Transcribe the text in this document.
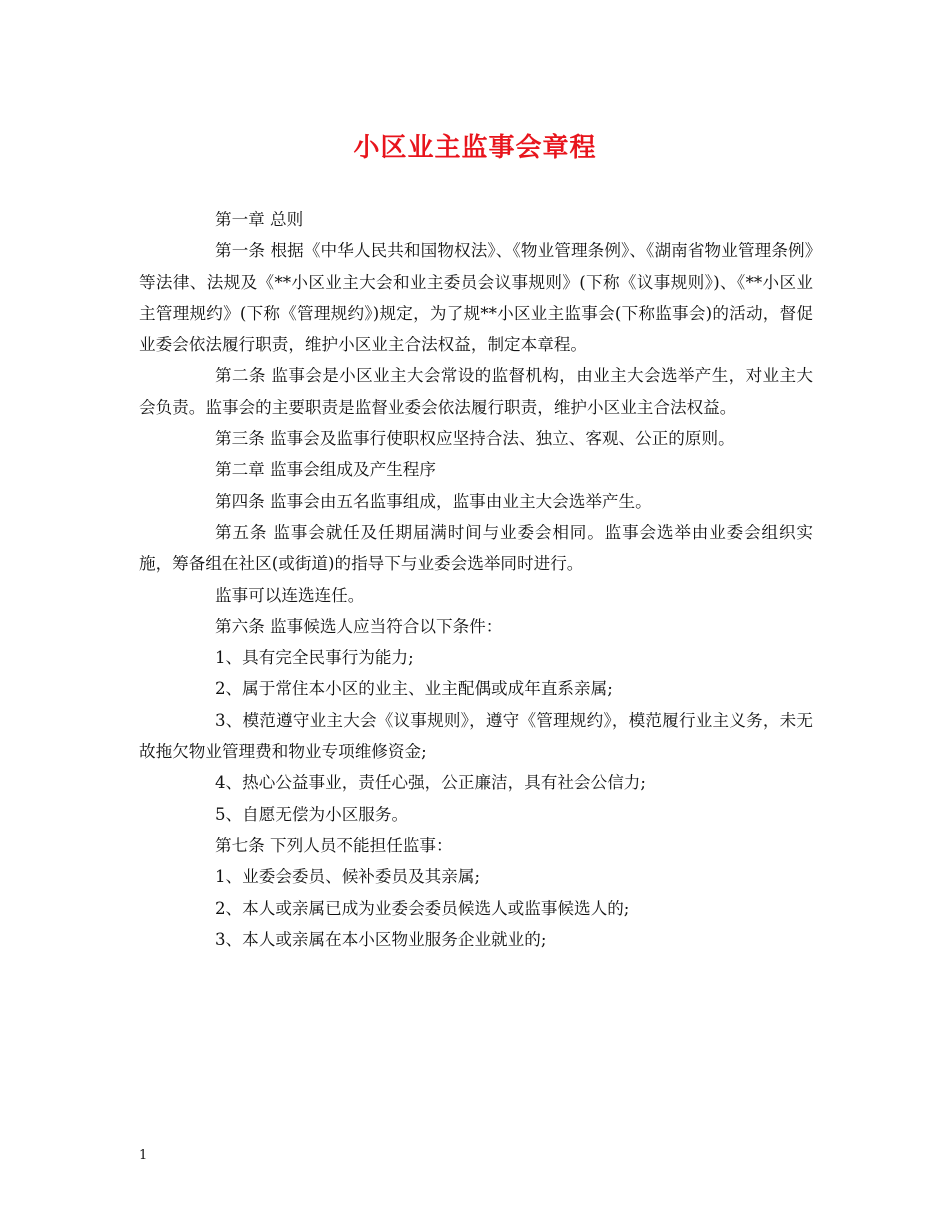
小区业主监事会章程

第一章 总则

第一条 根据《中华人民共和国物权法》、《物业管理条例》、《湖南省物业管理条例》等法律、法规及《**小区业主大会和业主委员会议事规则》(下称《议事规则》)、《**小区业主管理规约》(下称《管理规约》)规定，为了规**小区业主监事会(下称监事会)的活动，督促业委会依法履行职责，维护小区业主合法权益，制定本章程。

第二条 监事会是小区业主大会常设的监督机构，由业主大会选举产生，对业主大会负责。监事会的主要职责是监督业委会依法履行职责，维护小区业主合法权益。

第三条 监事会及监事行使职权应坚持合法、独立、客观、公正的原则。

第二章 监事会组成及产生程序

第四条 监事会由五名监事组成，监事由业主大会选举产生。

第五条 监事会就任及任期届满时间与业委会相同。监事会选举由业委会组织实施，筹备组在社区(或街道)的指导下与业委会选举同时进行。

监事可以连选连任。

第六条 监事候选人应当符合以下条件：

1、具有完全民事行为能力;

2、属于常住本小区的业主、业主配偶或成年直系亲属;

3、模范遵守业主大会《议事规则》，遵守《管理规约》，模范履行业主义务，未无故拖欠物业管理费和物业专项维修资金;

4、热心公益事业，责任心强，公正廉洁，具有社会公信力;

5、自愿无偿为小区服务。

第七条 下列人员不能担任监事：

1、业委会委员、候补委员及其亲属;

2、本人或亲属已成为业委会委员候选人或监事候选人的;

3、本人或亲属在本小区物业服务企业就业的;

1
